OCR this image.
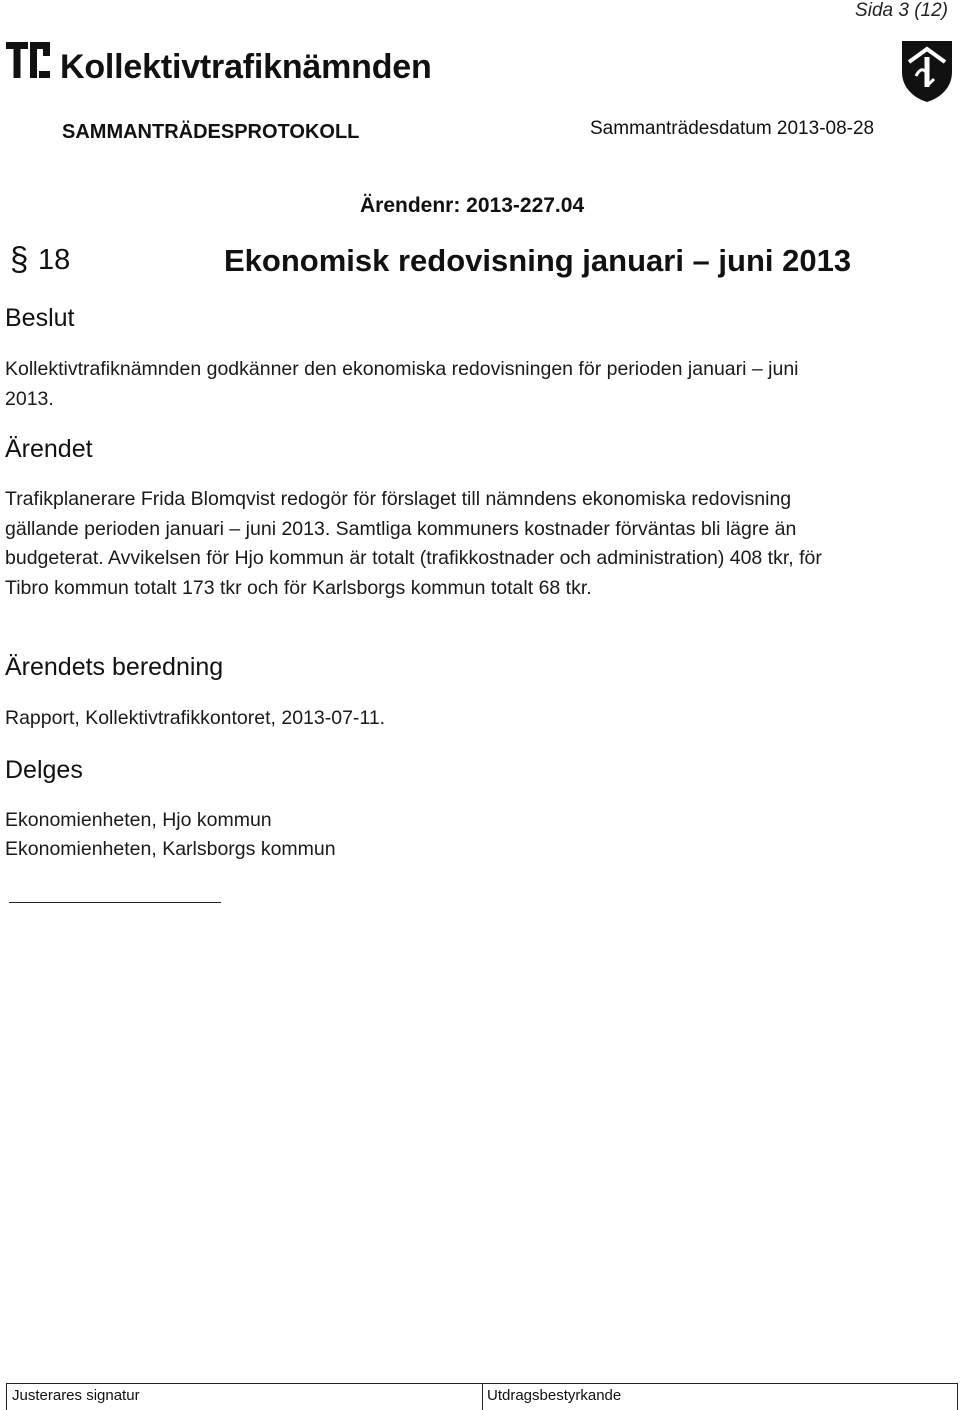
Sida 3 (12)
Kollektivtrafiknämnden
SAMMANTRÄDESPROTOKOLL	Sammanträdesdatum 2013-08-28
Ärendenr: 2013-227.04
§ 18	Ekonomisk redovisning januari – juni 2013
Beslut
Kollektivtrafiknämnden godkänner den ekonomiska redovisningen för perioden januari – juni 2013.
Ärendet
Trafikplanerare Frida Blomqvist redogör för förslaget till nämndens ekonomiska redovisning gällande perioden januari – juni 2013. Samtliga kommuners kostnader förväntas bli lägre än budgeterat. Avvikelsen för Hjo kommun är totalt (trafikkostnader och administration) 408 tkr, för Tibro kommun totalt 173 tkr och för Karlsborgs kommun totalt 68 tkr.
Ärendets beredning
Rapport, Kollektivtrafikkontoret, 2013-07-11.
Delges
Ekonomienheten, Hjo kommun
Ekonomienheten, Karlsborgs kommun
Justerares signatur	Utdragsbestyrkande
